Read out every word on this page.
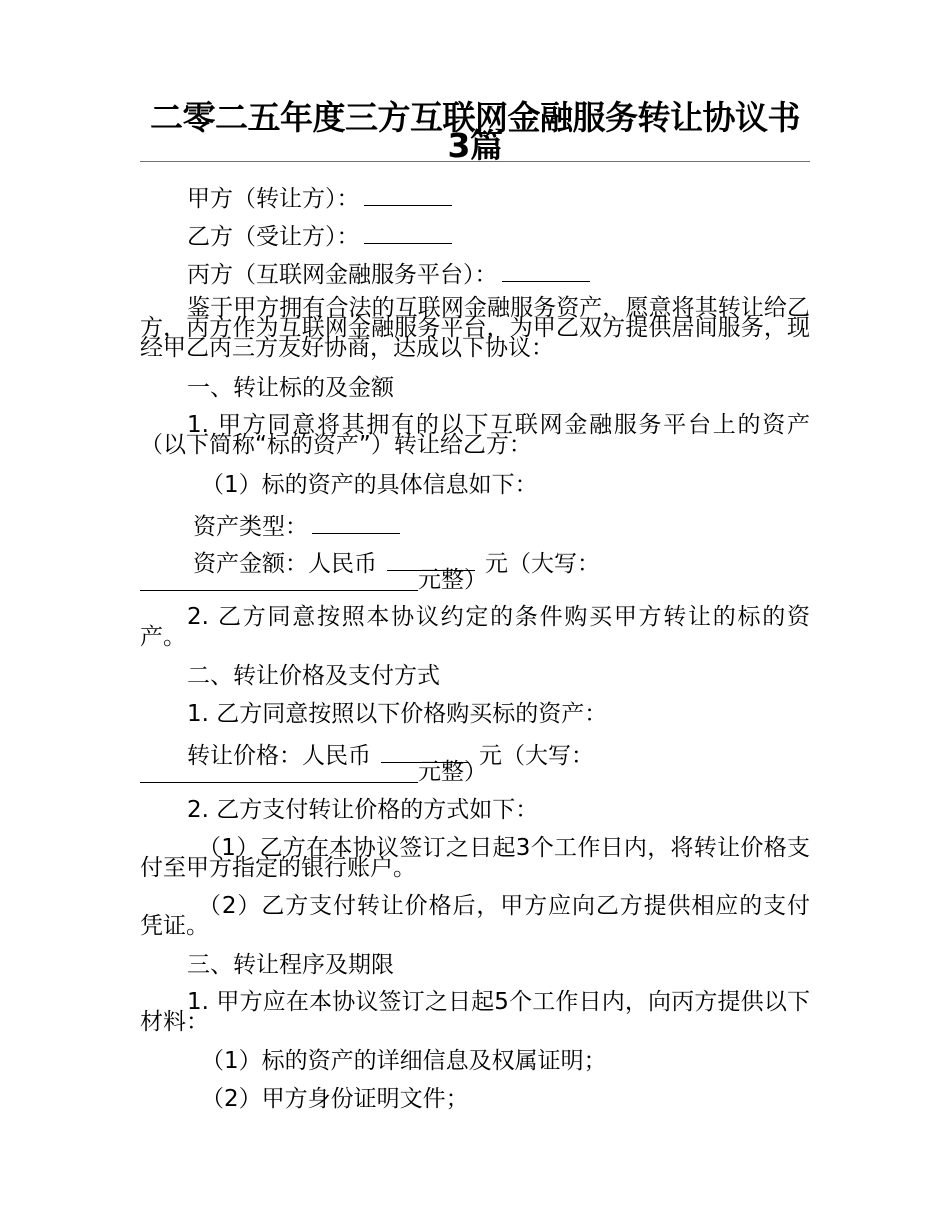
二零二五年度三方互联网金融服务转让协议书3篇

甲方（转让方）：

乙方（受让方）：

丙方（互联网金融服务平台）：

鉴于甲方拥有合法的互联网金融服务资产，愿意将其转让给乙方，丙方作为互联网金融服务平台，为甲乙双方提供居间服务，现经甲乙丙三方友好协商，达成以下协议：

一、转让标的及金额

1. 甲方同意将其拥有的以下互联网金融服务平台上的资产（以下简称“标的资产”）转让给乙方：

（1）标的资产的具体信息如下：

资产类型：

资产金额：人民币	元（大写：

元整）

2. 乙方同意按照本协议约定的条件购买甲方转让的标的资产。

二、转让价格及支付方式

1. 乙方同意按照以下价格购买标的资产：

转让价格：人民币	元（大写：

元整）

2. 乙方支付转让价格的方式如下：

（1）乙方在本协议签订之日起3个工作日内，将转让价格支付至甲方指定的银行账户。

（2）乙方支付转让价格后，甲方应向乙方提供相应的支付凭证。

三、转让程序及期限

1. 甲方应在本协议签订之日起5个工作日内，向丙方提供以下材料：

（1）标的资产的详细信息及权属证明；

（2）甲方身份证明文件；
